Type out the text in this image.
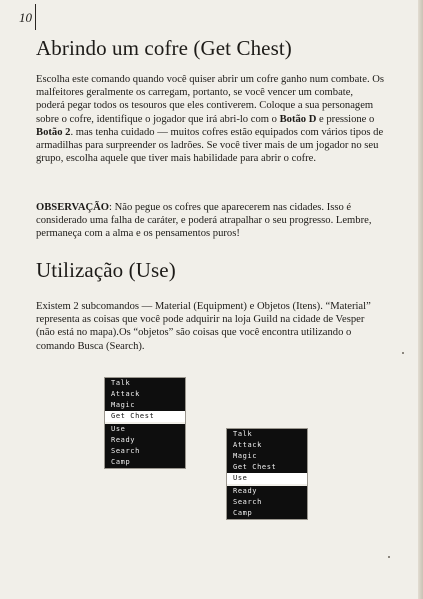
10
Abrindo um cofre (Get Chest)

Escolha este comando quando você quiser abrir um cofre ganho num combate. Os malfeitores geralmente os carregam, portanto, se você vencer um combate, poderá pegar todos os tesouros que eles contiverem. Coloque a sua personagem sobre o cofre, identifique o jogador que irá abri-lo com o Botão D e pressione o Botão 2. mas tenha cuidado — muitos cofres estão equipados com vários tipos de armadilhas para surpreender os ladrões. Se você tiver mais de um jogador no seu grupo, escolha aquele que tiver mais habilidade para abrir o cofre.

OBSERVAÇÃO: Não pegue os cofres que aparecerem nas cidades. Isso é considerado uma falha de caráter, e poderá atrapalhar o seu progresso. Lembre, permaneça com a alma e os pensamentos puros!

Utilização (Use)

Existem 2 subcomandos — Material (Equipment) e Objetos (Itens). “Material” representa as coisas que você pode adquirir na loja Guild na cidade de Vesper (não está no mapa).Os “objetos” são coisas que você encontra utilizando o comando Busca (Search).

Talk
Attack
Magic
Get Chest
Use
Ready
Search
Camp
Talk
Attack
Magic
Get Chest
Use
Ready
Search
Camp
